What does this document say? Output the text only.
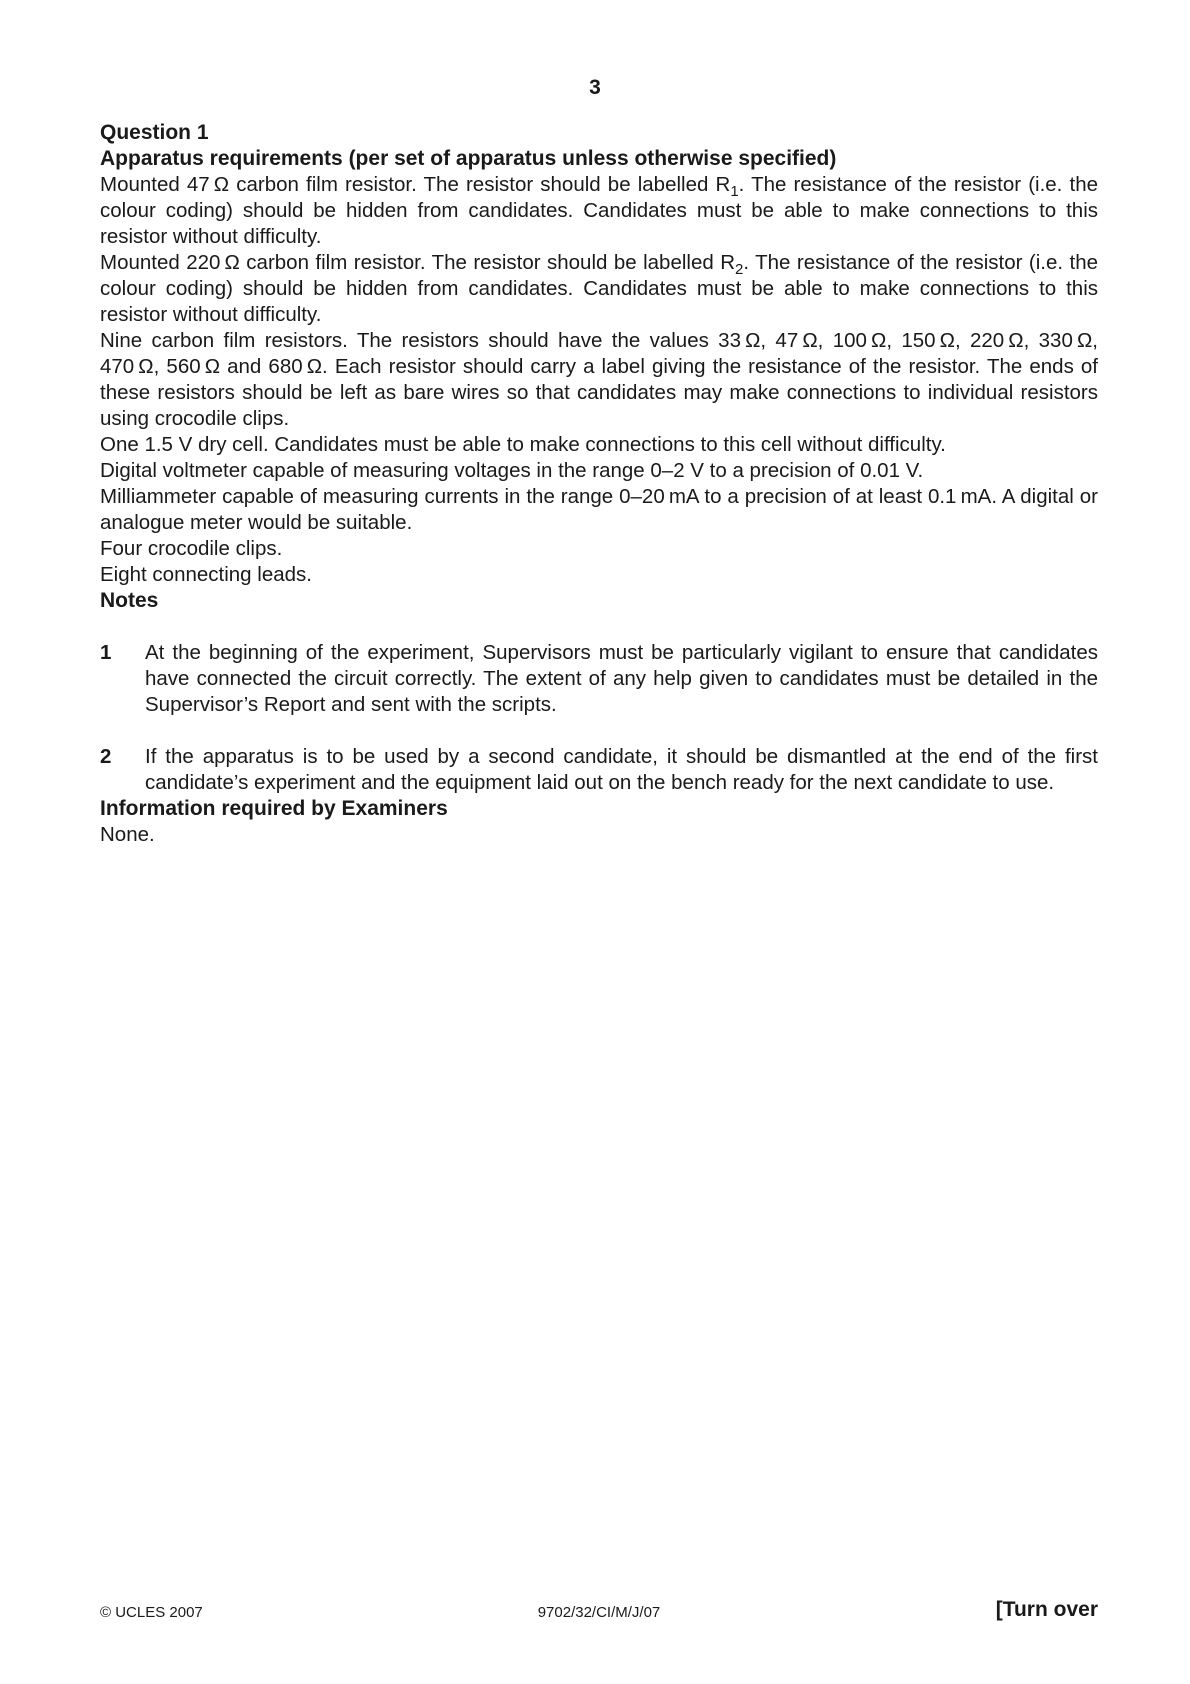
3
Question 1
Apparatus requirements (per set of apparatus unless otherwise specified)

Mounted 47 Ω carbon film resistor. The resistor should be labelled $R_1$. The resistance of the resistor (i.e. the colour coding) should be hidden from candidates. Candidates must be able to make connections to this resistor without difficulty.

Mounted 220 Ω carbon film resistor. The resistor should be labelled $R_2$. The resistance of the resistor (i.e. the colour coding) should be hidden from candidates. Candidates must be able to make connections to this resistor without difficulty.

Nine carbon film resistors. The resistors should have the values 33 Ω, 47 Ω, 100 Ω, 150 Ω, 220 Ω, 330 Ω, 470 Ω, 560 Ω and 680 Ω. Each resistor should carry a label giving the resistance of the resistor. The ends of these resistors should be left as bare wires so that candidates may make connections to individual resistors using crocodile clips.

One 1.5 V dry cell. Candidates must be able to make connections to this cell without difficulty.

Digital voltmeter capable of measuring voltages in the range 0–2 V to a precision of 0.01 V.

Milliammeter capable of measuring currents in the range 0–20 mA to a precision of at least 0.1 mA. A digital or analogue meter would be suitable.

Four crocodile clips.

Eight connecting leads.

Notes
1	At the beginning of the experiment, Supervisors must be particularly vigilant to ensure that candidates have connected the circuit correctly. The extent of any help given to candidates must be detailed in the Supervisor’s Report and sent with the scripts.
2	If the apparatus is to be used by a second candidate, it should be dismantled at the end of the first candidate’s experiment and the equipment laid out on the bench ready for the next candidate to use.
Information required by Examiners

None.

© UCLES 2007	9702/32/CI/M/J/07	[Turn over
